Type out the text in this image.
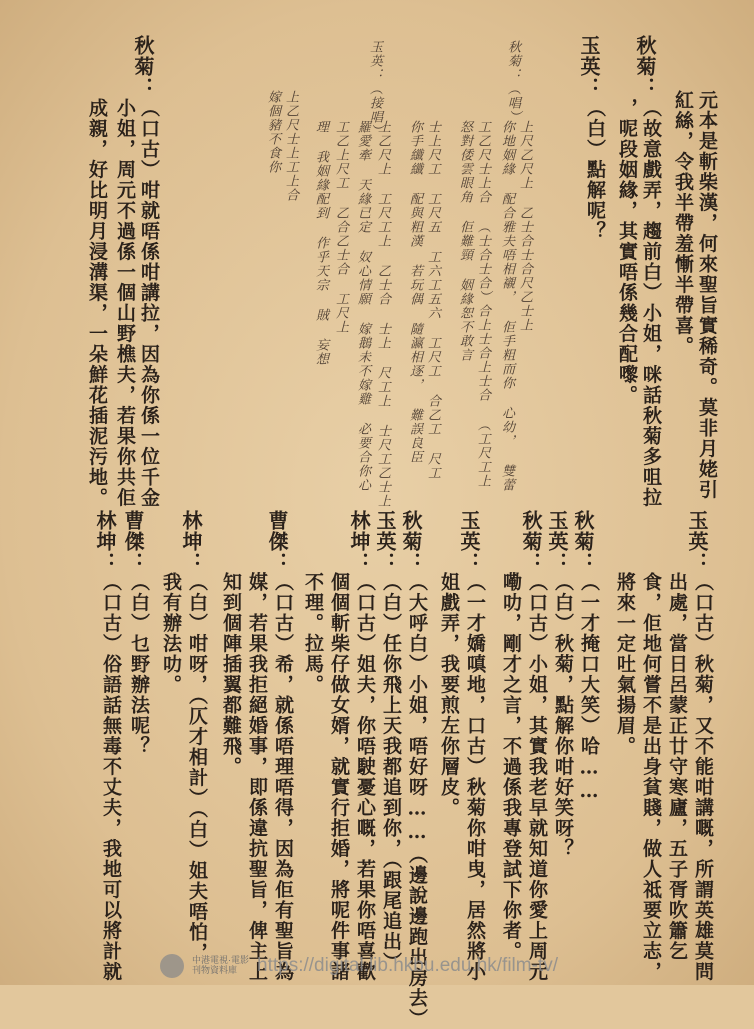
元本是斬柴漢，何來聖旨實稀奇。莫非月姥引
紅絲，令我半帶羞慚半帶喜。
秋菊：
（故意戲弄，趨前白）小姐，咪話秋菊多咀拉
，呢段姻緣，其實唔係幾合配嚟。
玉英：
（白）點解呢？
秋菊：（唱）
上尺乙尺上 乙士合士合尺乙士上
你地姻緣 配合雅夫唔相襯， 佢手粗而你 心幼， 雙蕾
工乙尺士上合 （士合士合）合上士合上士合 （工尺工上
怒對倭雲眼角 佢難頸 姻緣恕不敢言
士上尺工 工尺五 工六工五六 工尺工 合乙工 尺工
你手纖纖 配與粗漢 若玩偶 隨瀛相逐， 難誤良臣
玉英：（接唱）
上乙尺上 工尺工上 乙士合 士上 尺工上 士尺工乙士上
羅愛牽 天緣已定 奴心情願 嫁鵝未不嫁雞 必要合你心
工乙上尺工 乙合乙士合 工尺上
理 我姻緣配到 作乎天宗 賊 妄想
上乙尺士上工上合
嫁個豬不食你
秋菊：
（口古）咁就唔係咁講拉，因為你係一位千金
小姐，周元不過係一個山野樵夫，若果你共佢
成親，好比明月浸溝渠，一朵鮮花插泥污地。
玉英：
（口古）秋菊，又不能咁講嘅，所謂英雄莫問
出處，當日呂蒙正廿守寒廬，五子胥吹簫乞
食，佢地何嘗不是出身貧賤，做人祗要立志，
將來一定吐氣揚眉。
秋菊：
（一才掩口大笑）哈……
玉英：
（白）秋菊，點解你咁好笑呀？
秋菊：
（口古）小姐，其實我老早就知道你愛上周元
嘞叻，剛才之言，不過係我專登試下你者。
玉英：
（一才嬌嗔地，口古）秋菊你咁曳，居然將小
姐戲弄，我要煎左你層皮。
秋菊：
（大呼白）小姐，唔好呀……（邊說邊跑出房去）
玉英：
（白）任你飛上天我都追到你，（跟尾追出）
林坤：
（口古）姐夫，你唔駛憂心嘅，若果你唔喜歡
個個斬柴仔做女婿，就實行拒婚，將呢件事諸
不理。拉馬。
曹傑：
（口古）希，就係唔理唔得，因為佢有聖旨為
媒，若果我拒絕婚事，即係違抗聖旨，俾主上
知到個陣插翼都難飛。
林坤：
（白）咁呀，（仄才相計）（白）姐夫唔怕，
我有辦法叻。
曹傑：
（白）乜野辦法呢？
林坤：
（口古）俗語話無毒不丈夫，我地可以將計就	中港電視·電影
刊物資料庫	https://digital.lib.hkbu.edu.hk/film-tv/
